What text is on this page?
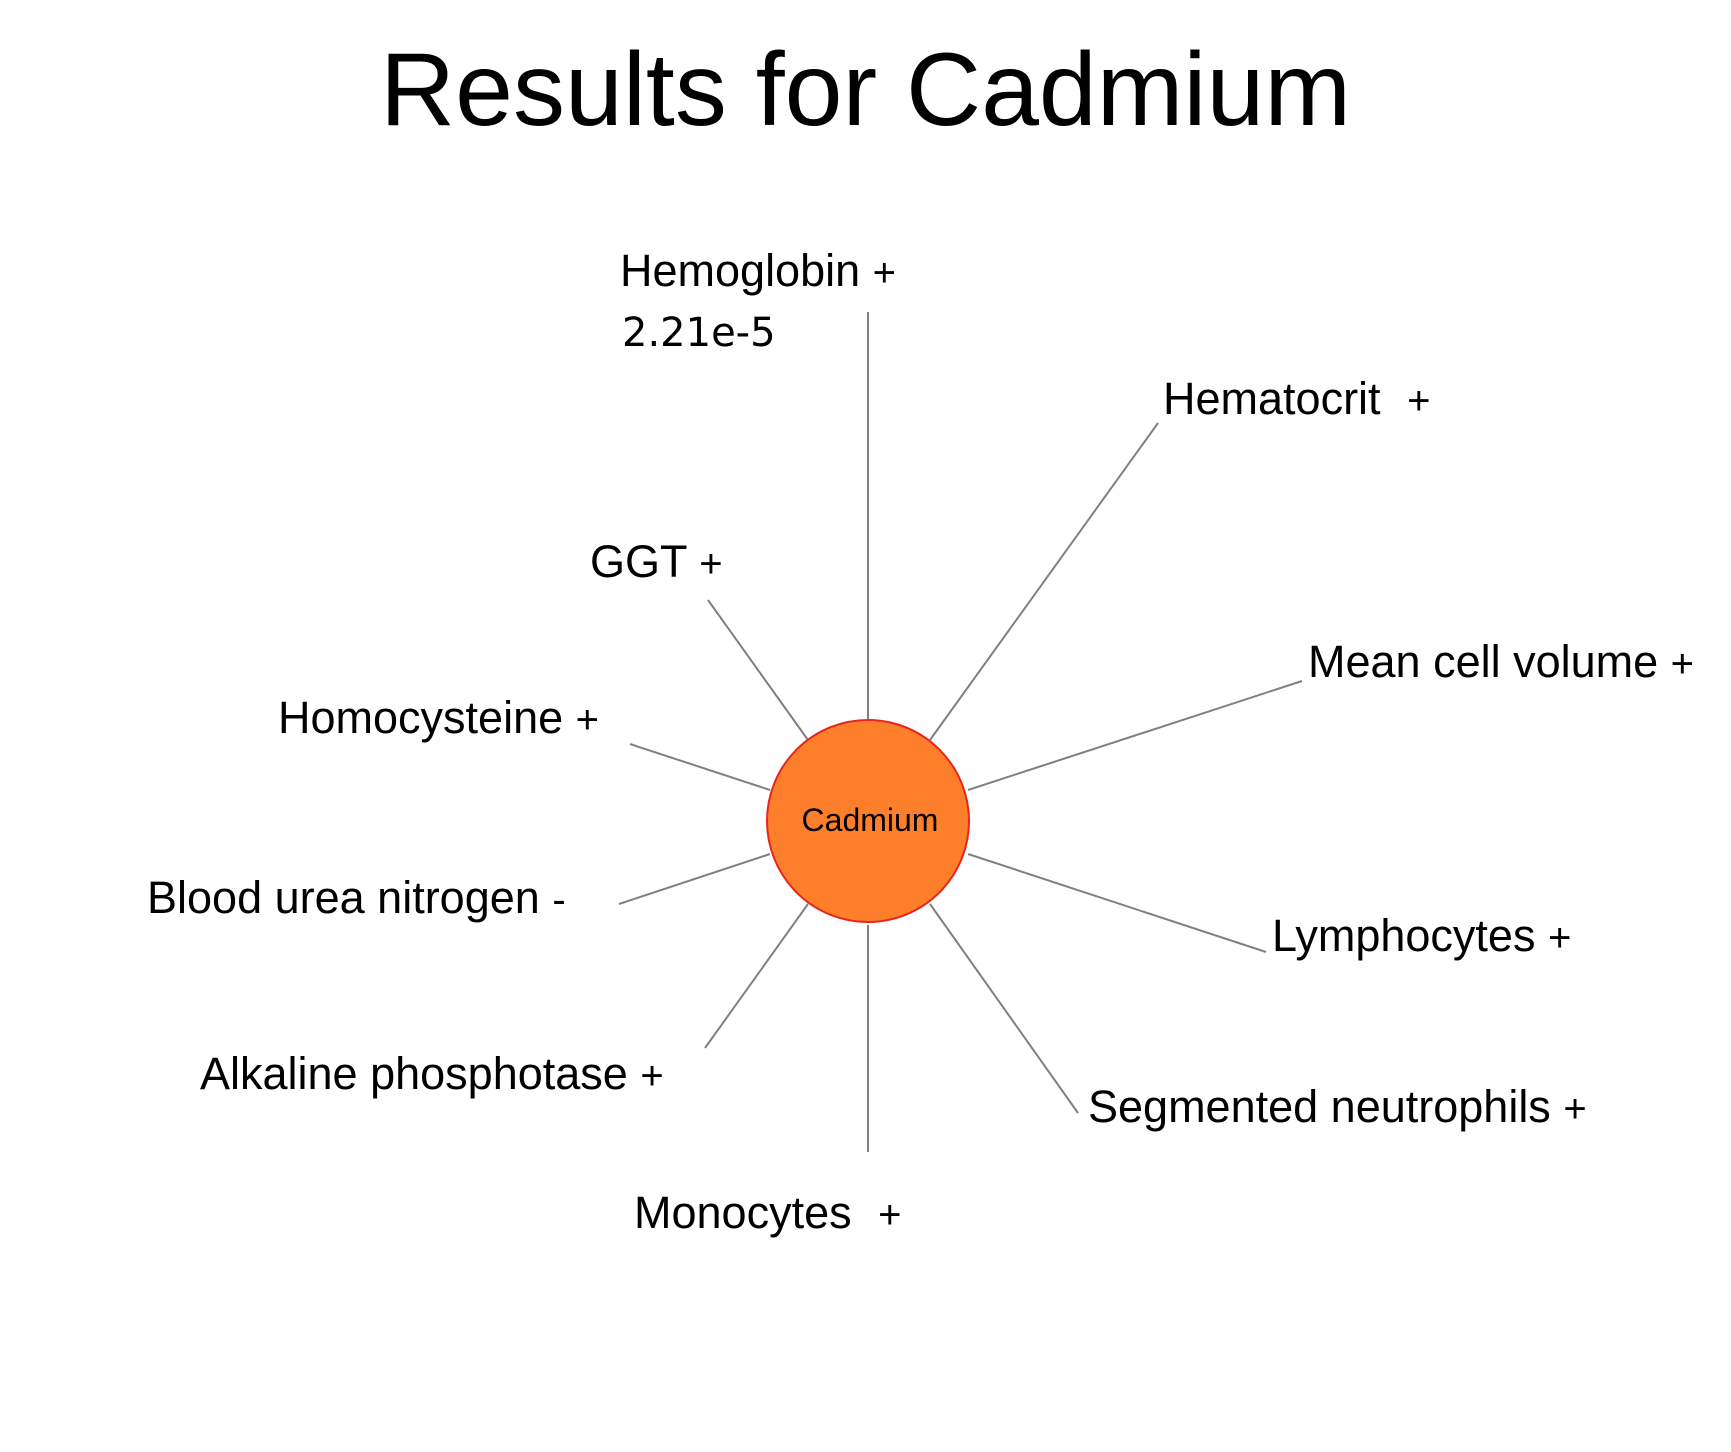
Results for Cadmium
Cadmium
Hemoglobin +
2.21e-5
Hematocrit +
GGT +
Mean cell volume +
Homocysteine +
Blood urea nitrogen -
Lymphocytes +
Alkaline phosphotase +
Segmented neutrophils +
Monocytes +
